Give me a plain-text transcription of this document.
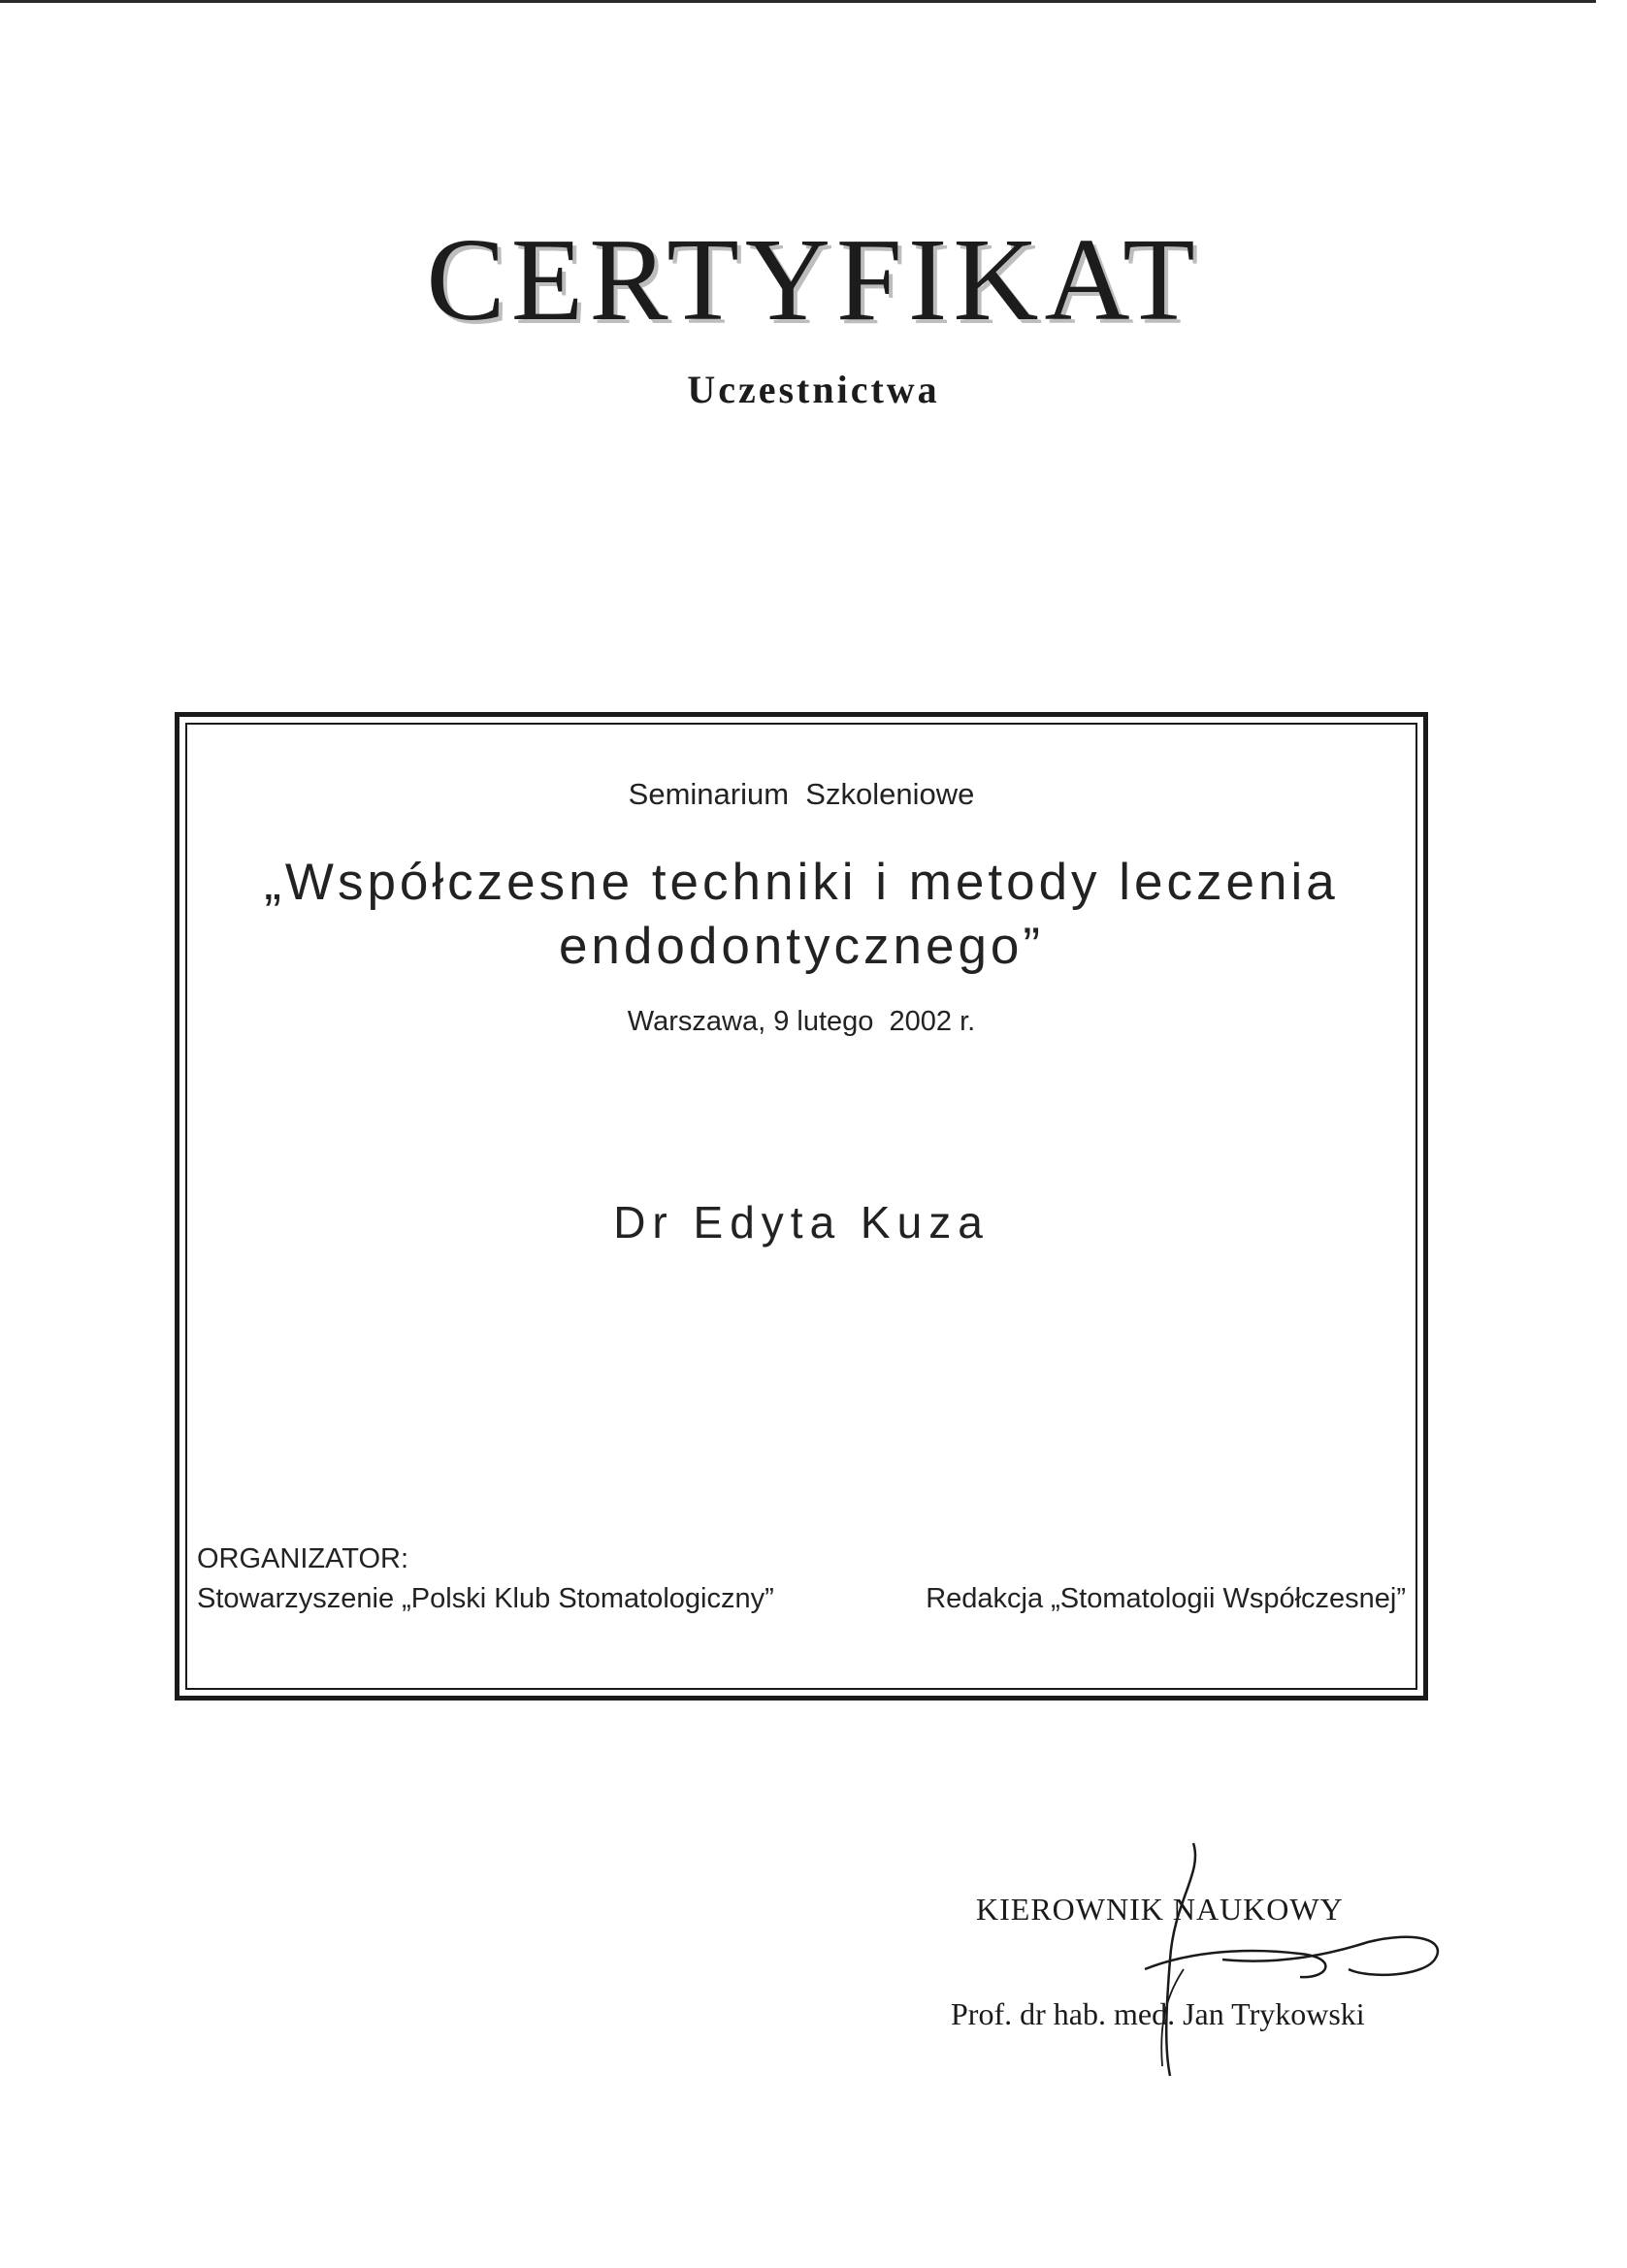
CERTYFIKAT
Uczestnictwa
Seminarium  Szkoleniowe
„Współczesne techniki i metody leczenia endodontycznego”
Warszawa, 9 lutego  2002 r.
Dr Edyta Kuza
ORGANIZATOR:
Stowarzyszenie „Polski Klub Stomatologiczny”	Redakcja „Stomatologii Współczesnej”
KIEROWNIK NAUKOWY
Prof. dr hab. med. Jan Trykowski
